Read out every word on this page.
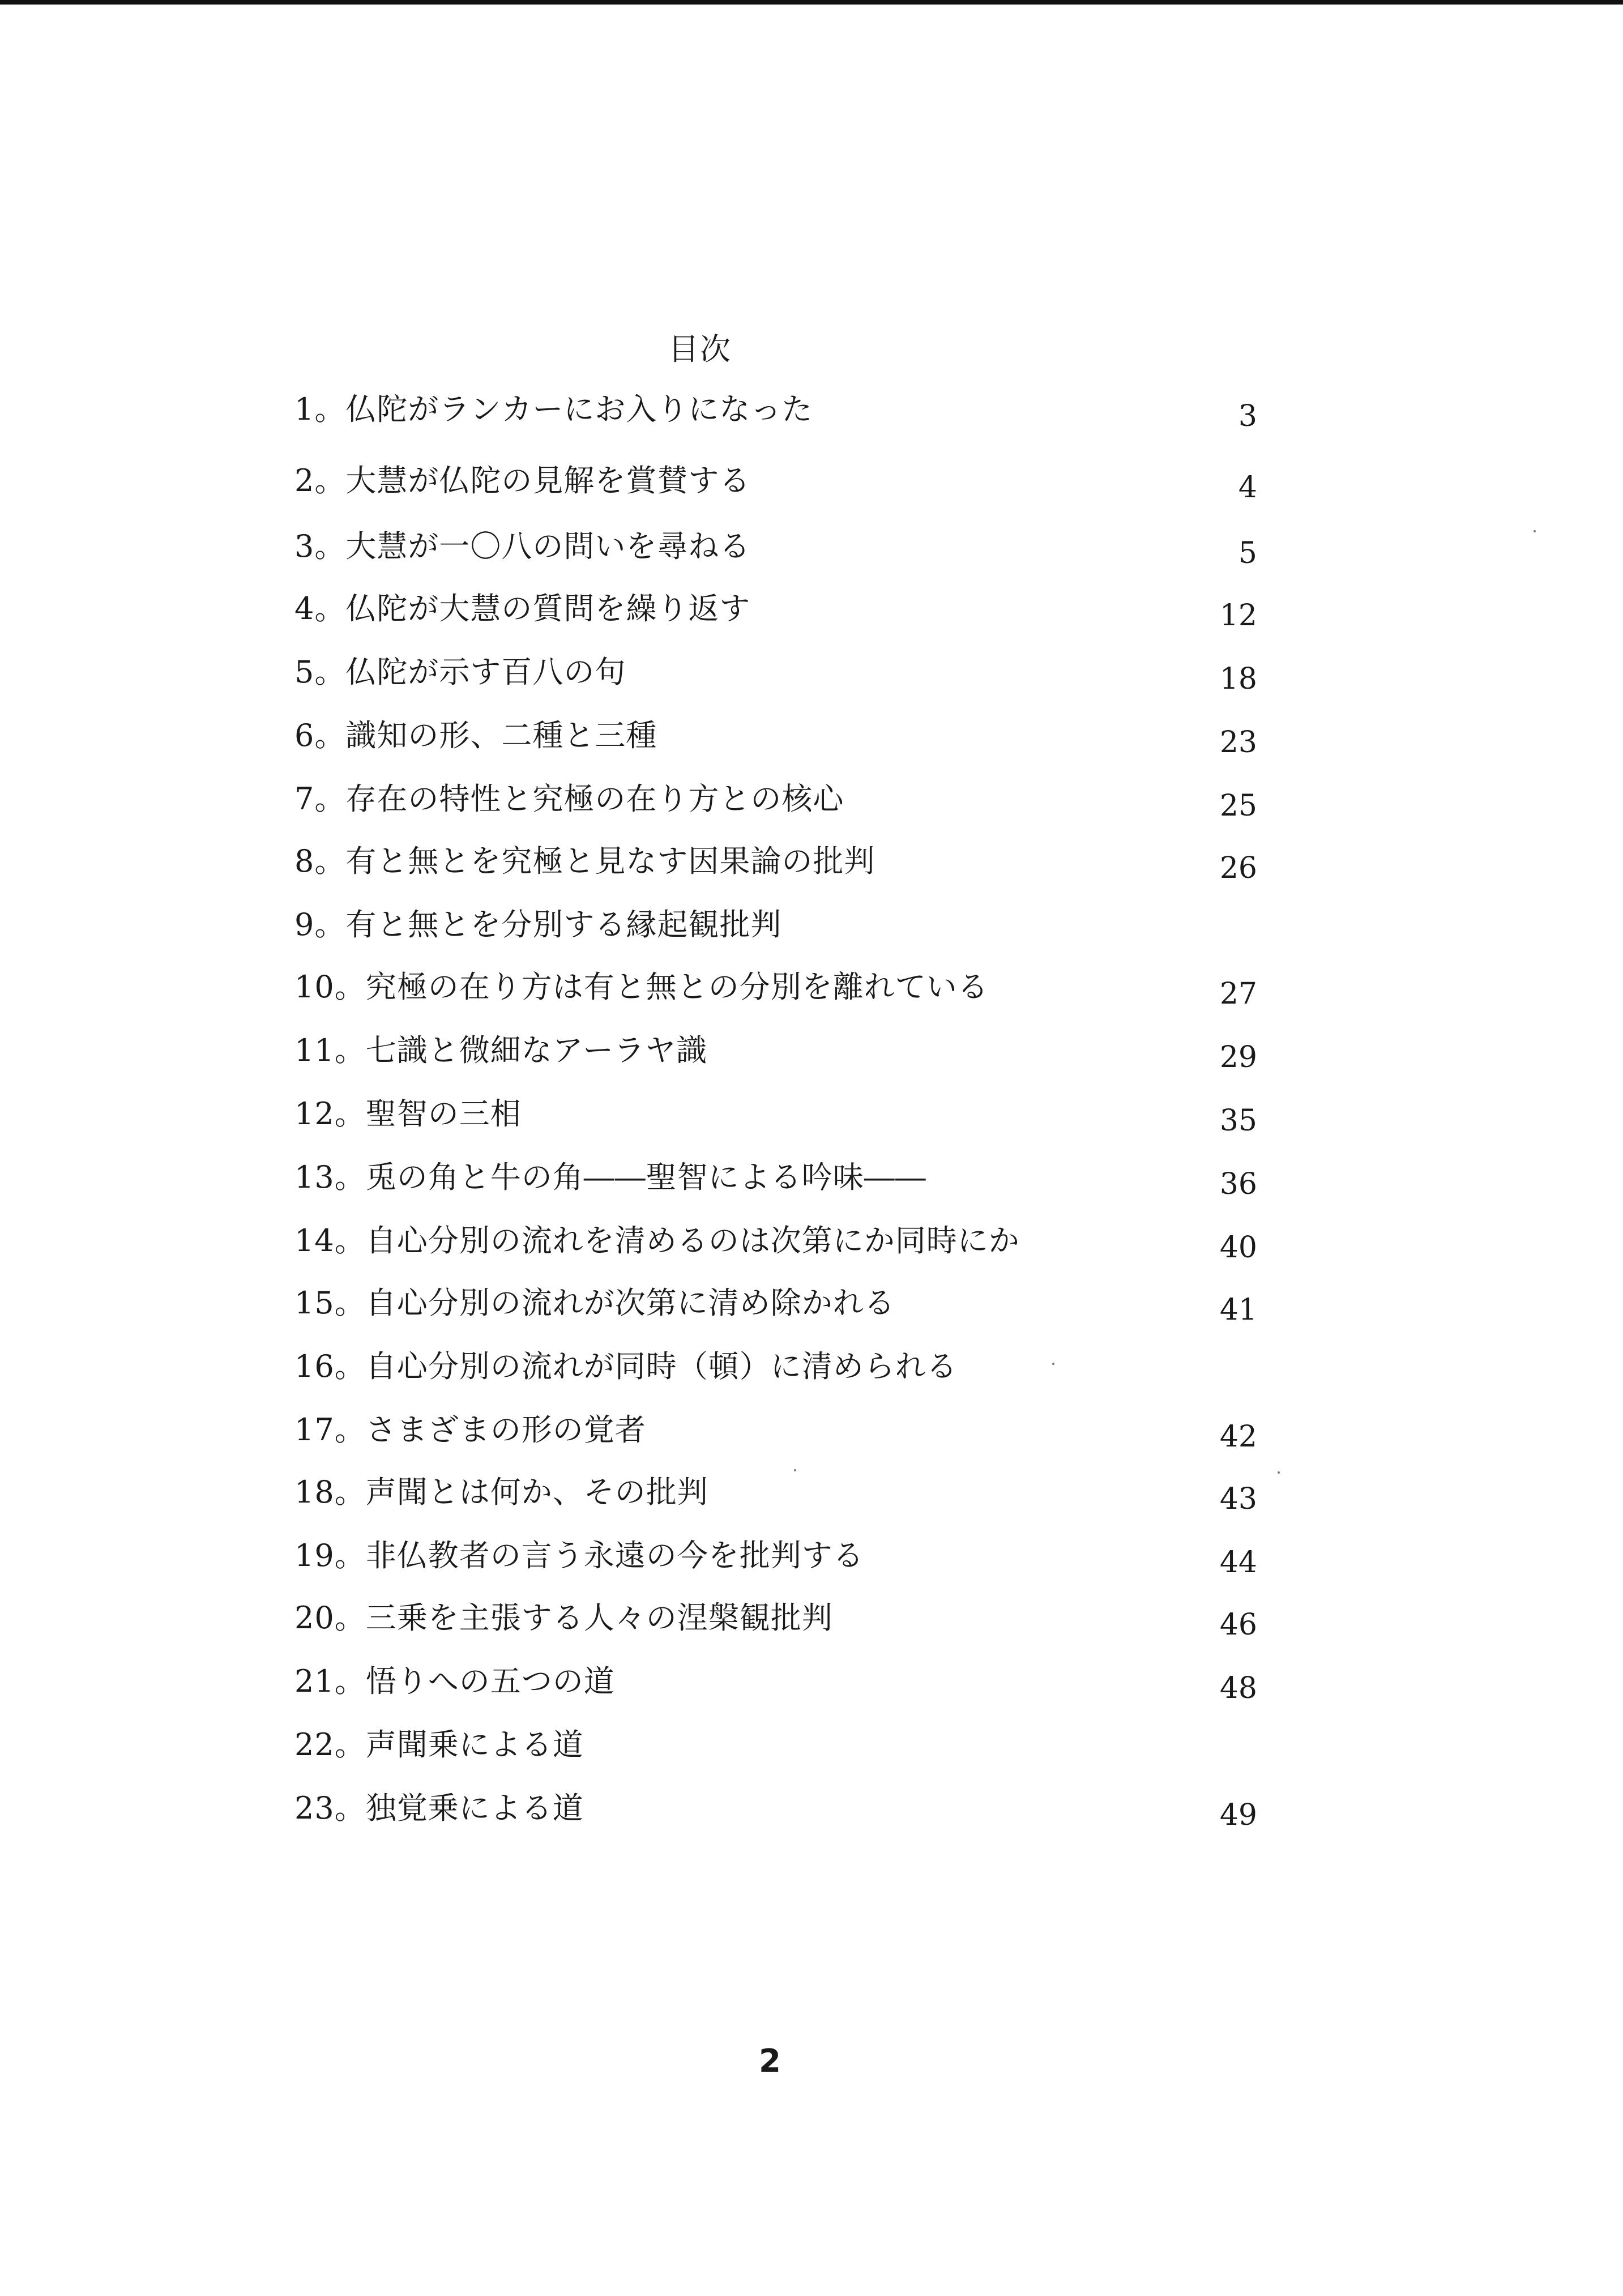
目次
1。仏陀がランカーにお入りになった	3
2。大慧が仏陀の見解を賞賛する	4
3。大慧が一〇八の問いを尋ねる	5
4。仏陀が大慧の質問を繰り返す	12
5。仏陀が示す百八の句	18
6。識知の形、二種と三種	23
7。存在の特性と究極の在り方との核心	25
8。有と無とを究極と見なす因果論の批判	26
9。有と無とを分別する縁起観批判
10。究極の在り方は有と無との分別を離れている	27
11。七識と微細なアーラヤ識	29
12。聖智の三相	35
13。兎の角と牛の角――聖智による吟味――	36
14。自心分別の流れを清めるのは次第にか同時にか	40
15。自心分別の流れが次第に清め除かれる	41
16。自心分別の流れが同時（頓）に清められる
17。さまざまの形の覚者	42
18。声聞とは何か、その批判	43
19。非仏教者の言う永遠の今を批判する	44
20。三乗を主張する人々の涅槃観批判	46
21。悟りへの五つの道	48
22。声聞乗による道
23。独覚乗による道	49
2
